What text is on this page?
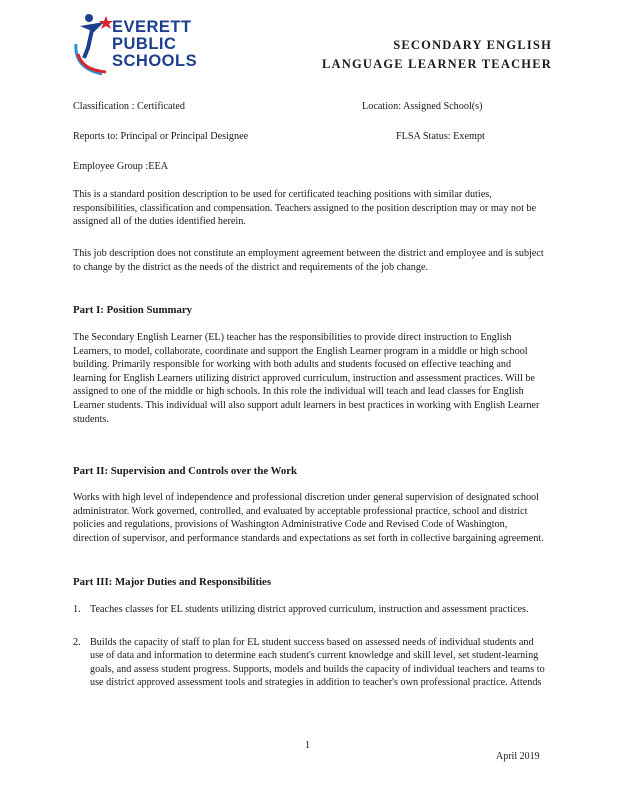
EVERETT
PUBLIC
SCHOOLS
SECONDARY ENGLISH
LANGUAGE LEARNER TEACHER
Classification : Certificated	Location: Assigned School(s)
Reports to: Principal or Principal Designee	FLSA Status: Exempt
Employee Group :EEA

This is a standard position description to be used for certificated teaching positions with similar duties, responsibilities, classification and compensation. Teachers assigned to the position description may or may not be assigned all of the duties identified herein.

This job description does not constitute an employment agreement between the district and employee and is subject to change by the district as the needs of the district and requirements of the job change.

Part I: Position Summary

The Secondary English Learner (EL) teacher has the responsibilities to provide direct instruction to English Learners, to model, collaborate, coordinate and support the English Learner program in a middle or high school building. Primarily responsible for working with both adults and students focused on effective teaching and learning for English Learners utilizing district approved curriculum, instruction and assessment practices. Will be assigned to one of the middle or high schools. In this role the individual will teach and lead classes for English Learner students. This individual will also support adult learners in best practices in working with English Learner students.

Part II: Supervision and Controls over the Work

Works with high level of independence and professional discretion under general supervision of designated school administrator. Work governed, controlled, and evaluated by acceptable professional practice, school and district policies and regulations, provisions of Washington Administrative Code and Revised Code of Washington, direction of supervisor, and performance standards and expectations as set forth in collective bargaining agreement.

Part III: Major Duties and Responsibilities
1. Teaches classes for EL students utilizing district approved curriculum, instruction and assessment practices.
2. Builds the capacity of staff to plan for EL student success based on assessed needs of individual students and use of data and information to determine each student's current knowledge and skill level, set student-learning goals, and assess student progress. Supports, models and builds the capacity of individual teachers and teams to use district approved assessment tools and strategies in addition to teacher's own professional practice. Attends
1
April 2019
